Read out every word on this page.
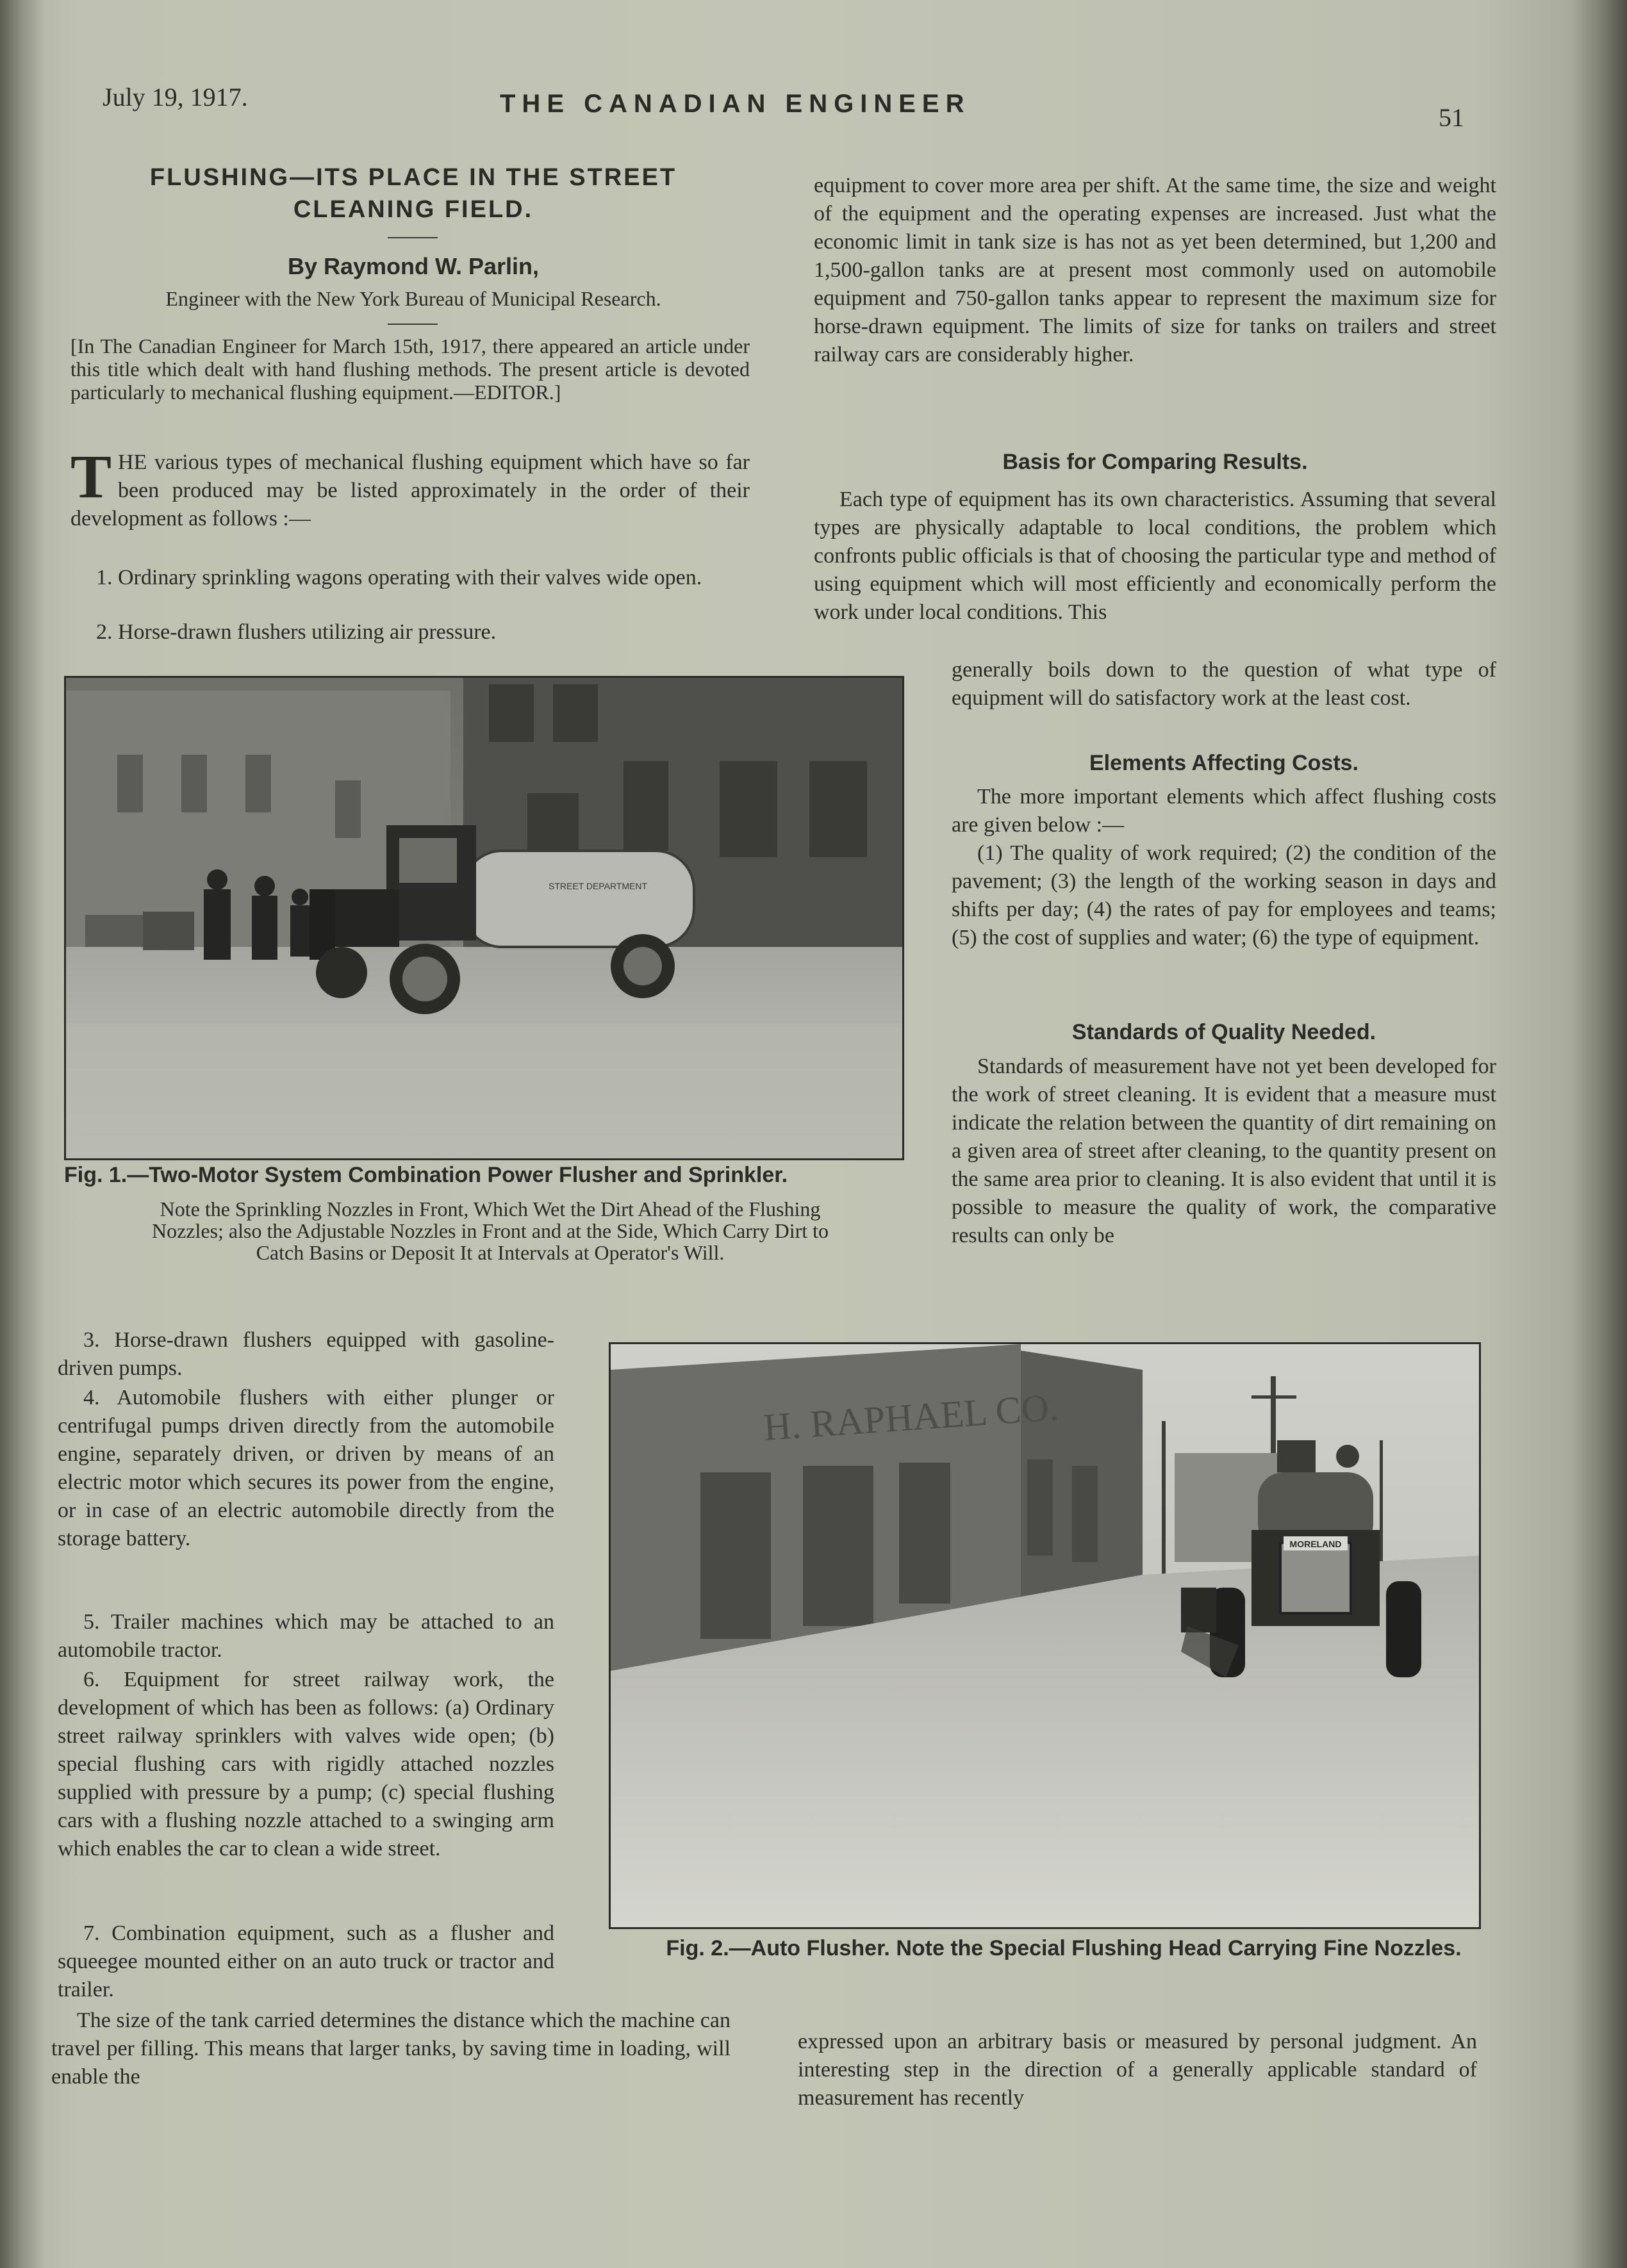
July 19, 1917.	THE CANADIAN ENGINEER	51
FLUSHING—ITS PLACE IN THE STREET
CLEANING FIELD.
By Raymond W. Parlin,
Engineer with the New York Bureau of Municipal Research.
[In The Canadian Engineer for March 15th, 1917, there appeared an article under this title which dealt with hand flushing methods. The present article is devoted particularly to mechanical flushing equipment.—EDITOR.]
T HE various types of mechanical flushing equipment which have so far been produced may be listed approximately in the order of their development as follows :—
1. Ordinary sprinkling wagons operating with their valves wide open.
2. Horse-drawn flushers utilizing air pressure.
STREET DEPARTMENT
Fig. 1.—Two-Motor System Combination Power Flusher and Sprinkler.
Note the Sprinkling Nozzles in Front, Which Wet the Dirt Ahead of the Flushing Nozzles; also the Adjustable Nozzles in Front and at the Side, Which Carry Dirt to Catch Basins or Deposit It at Intervals at Operator's Will.
equipment to cover more area per shift. At the same time, the size and weight of the equipment and the operating expenses are increased. Just what the economic limit in tank size is has not as yet been determined, but 1,200 and 1,500-gallon tanks are at present most commonly used on automobile equipment and 750-gallon tanks appear to represent the maximum size for horse-drawn equipment. The limits of size for tanks on trailers and street railway cars are considerably higher.
Basis for Comparing Results.
Each type of equipment has its own characteristics. Assuming that several types are physically adaptable to local conditions, the problem which confronts public officials is that of choosing the particular type and method of using equipment which will most efficiently and economically perform the work under local conditions. This
generally boils down to the question of what type of equipment will do satisfactory work at the least cost.
Elements Affecting Costs.
The more important elements which affect flushing costs are given below :—
(1) The quality of work required; (2) the condition of the pavement; (3) the length of the working season in days and shifts per day; (4) the rates of pay for employees and teams; (5) the cost of supplies and water; (6) the type of equipment.
Standards of Quality Needed.
Standards of measurement have not yet been developed for the work of street cleaning. It is evident that a measure must indicate the relation between the quantity of dirt remaining on a given area of street after cleaning, to the quantity present on the same area prior to cleaning. It is also evident that until it is possible to measure the quality of work, the comparative results can only be
3. Horse-drawn flushers equipped with gasoline-driven pumps.
4. Automobile flushers with either plunger or centrifugal pumps driven directly from the automobile engine, separately driven, or driven by means of an electric motor which secures its power from the engine, or in case of an electric automobile directly from the storage battery.
5. Trailer machines which may be attached to an automobile tractor.
6. Equipment for street railway work, the development of which has been as follows: (a) Ordinary street railway sprinklers with valves wide open; (b) special flushing cars with rigidly attached nozzles supplied with pressure by a pump; (c) special flushing cars with a flushing nozzle attached to a swinging arm which enables the car to clean a wide street.
7. Combination equipment, such as a flusher and squeegee mounted either on an auto truck or tractor and trailer.
The size of the tank carried determines the distance which the machine can travel per filling. This means that larger tanks, by saving time in loading, will enable the
H. RAPHAEL CO.
MORELAND
Fig. 2.—Auto Flusher. Note the Special Flushing Head Carrying Fine Nozzles.
expressed upon an arbitrary basis or measured by personal judgment. An interesting step in the direction of a generally applicable standard of measurement has recently
